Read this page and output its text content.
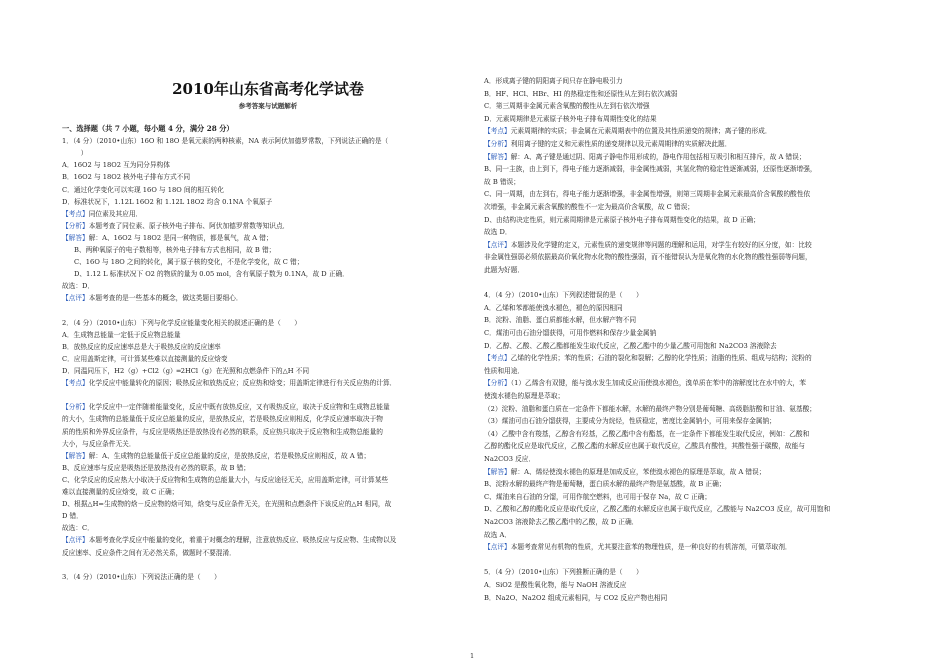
2010年山东省高考化学试卷
参考答案与试题解析
一、选择题（共 7 小题，每小题 4 分，满分 28 分）
1．（4 分）（2010•山东）16O 和 18O 是氧元素的两种核素，NA 表示阿伏加德罗常数，下列说法正确的是（
　）
A．16O2 与 18O2 互为同分异构体
B．16O2 与 18O2 核外电子排布方式不同
C．通过化学变化可以实现 16O 与 18O 间的相互转化
D．标准状况下，1.12L 16O2 和 1.12L 18O2 均含 0.1NA 个氧原子
【考点】同位素及其应用．
【分析】本题考查了同位素、原子核外电子排布、阿伏加德罗常数等知识点．
【解答】解：A、16O2 与 18O2 是同一种物质，都是氧气，故 A 错；
B、两种氧原子的电子数相等，核外电子排布方式也相同，故 B 错；
C、16O 与 18O 之间的转化，属于原子核的变化，不是化学变化，故 C 错；
D、1.12 L 标准状况下 O2 的物质的量为 0.05 mol，含有氧原子数为 0.1NA，故 D 正确．
故选：D．
【点评】本题考查的是一些基本的概念，做这类题目要细心．
2．（4 分）（2010•山东）下列与化学反应能量变化相关的叙述正确的是（　　）
A．生成物总能量一定低于反应物总能量
B．放热反应的反应速率总是大于吸热反应的反应速率
C．应用盖斯定律，可计算某些难以直接测量的反应焓变
D．同温同压下，H2（g）+Cl2（g）═2HCl（g）在光照和点燃条件下的△H 不同
【考点】化学反应中能量转化的原因；吸热反应和放热反应；反应热和焓变；用盖斯定律进行有关反应热的计算．
【分析】化学反应中一定伴随着能量变化，反应中既有放热反应，又有吸热反应，取决于反应物和生成物总能量
的大小，生成物的总能量低于反应总能量的反应，是放热反应，若是吸热反应则相反，化学反应速率取决于物
质的性质和外界反应条件，与反应是吸热还是放热没有必然的联系，反应热只取决于反应物和生成物总能量的
大小，与反应条件无关．
【解答】解：A、生成物的总能量低于反应总能量的反应，是放热反应，若是吸热反应则相反，故 A 错；
B、反应速率与反应是吸热还是放热没有必然的联系，故 B 错；
C、化学反应的反应热大小取决于反应物和生成物的总能量大小，与反应途径无关，应用盖斯定律，可计算某些
难以直接测量的反应焓变，故 C 正确；
D、根据△H=生成物的焓－反应物的焓可知，焓变与反应条件无关，在光照和点燃条件下该反应的△H 相同，故
D 错．
故选：C．
【点评】本题考查化学反应中能量的变化，着重于对概念的理解，注意放热反应、吸热反应与反应物、生成物以及
反应速率、反应条件之间有无必然关系，做题时不要混淆．
3．（4 分）（2010•山东）下列说法正确的是（　　）
A．形成离子键的阴阳离子间只存在静电吸引力
B．HF、HCl、HBr、HI 的热稳定性和还原性从左到右依次减弱
C．第三周期非金属元素含氧酸的酸性从左到右依次增强
D．元素周期律是元素原子核外电子排布周期性变化的结果
【考点】元素周期律的实质；非金属在元素周期表中的位置及其性质递变的规律；离子键的形成．
【分析】利用离子键的定义和元素性质的递变规律以及元素周期律的实质解决此题．
【解答】解：A、离子键是通过阴、阳离子静电作用形成的，静电作用包括相互吸引和相互排斥，故 A 错误；
B、同一主族，由上到下，得电子能力逐渐减弱，非金属性减弱，其氢化物的稳定性逐渐减弱，还原性逐渐增强，
故 B 错误；
C、同一周期，由左到右，得电子能力逐渐增强，非金属性增强，则第三周期非金属元素最高价含氧酸的酸性依
次增强，非金属元素含氧酸的酸性不一定为最高价含氧酸，故 C 错误；
D、由结构决定性质，则元素周期律是元素原子核外电子排布周期性变化的结果，故 D 正确；
故选 D．
【点评】本题涉及化学键的定义，元素性质的递变规律等问题的理解和运用，对学生有较好的区分度，如：比较
非金属性强弱必须依据最高价氧化物水化物的酸性强弱，而不能错误认为是氧化物的水化物的酸性强弱等问题，
此题为好题．
4．（4 分）（2010•山东）下列叙述错误的是（　　）
A．乙烯和苯都能使溴水褪色，褪色的原因相同
B．淀粉、油脂、蛋白质都能水解，但水解产物不同
C．煤油可由石油分馏获得，可用作燃料和保存少量金属钠
D．乙醇、乙酸、乙酸乙酯都能发生取代反应，乙酸乙酯中的少量乙酸可用饱和 Na2CO3 溶液除去
【考点】乙烯的化学性质；苯的性质；石油的裂化和裂解；乙醇的化学性质；油脂的性质、组成与结构；淀粉的
性质和用途．
【分析】（1）乙烯含有双键，能与溴水发生加成反应而使溴水褪色，溴单质在苯中的溶解度比在水中的大，苯
使溴水褪色的原理是萃取；
（2）淀粉、油脂和蛋白质在一定条件下都能水解，水解的最终产物分别是葡萄糖、高级脂肪酸和甘油、氨基酸；
（3）煤油可由石油分馏获得，主要成分为烷烃，性质稳定，密度比金属钠小，可用来保存金属钠；
（4）乙酸中含有羧基，乙醇含有羟基，乙酸乙酯中含有酯基，在一定条件下都能发生取代反应，例如：乙酸和
乙醇的酯化反应是取代反应，乙酸乙酯的水解反应也属于取代反应，乙酸具有酸性，其酸性强于碳酸，故能与
Na2CO3 反应．
【解答】解：A、烯烃使溴水褪色的原理是加成反应，苯使溴水褪色的原理是萃取，故 A 错误；
B、淀粉水解的最终产物是葡萄糖，蛋白质水解的最终产物是氨基酸，故 B 正确；
C、煤油来自石油的分馏，可用作航空燃料，也可用于保存 Na，故 C 正确；
D、乙酸和乙醇的酯化反应是取代反应，乙酸乙酯的水解反应也属于取代反应，乙酸能与 Na2CO3 反应，故可用饱和
Na2CO3 溶液除去乙酸乙酯中的乙酸，故 D 正确．
故选 A．
【点评】本题考查常见有机物的性质，尤其要注意苯的物理性质，是一种良好的有机溶剂，可做萃取剂．
5．（4 分）（2010•山东）下列推断正确的是（　　）
A．SiO2 是酸性氧化物，能与 NaOH 溶液反应
B．Na2O、Na2O2 组成元素相同，与 CO2 反应产物也相同
1
